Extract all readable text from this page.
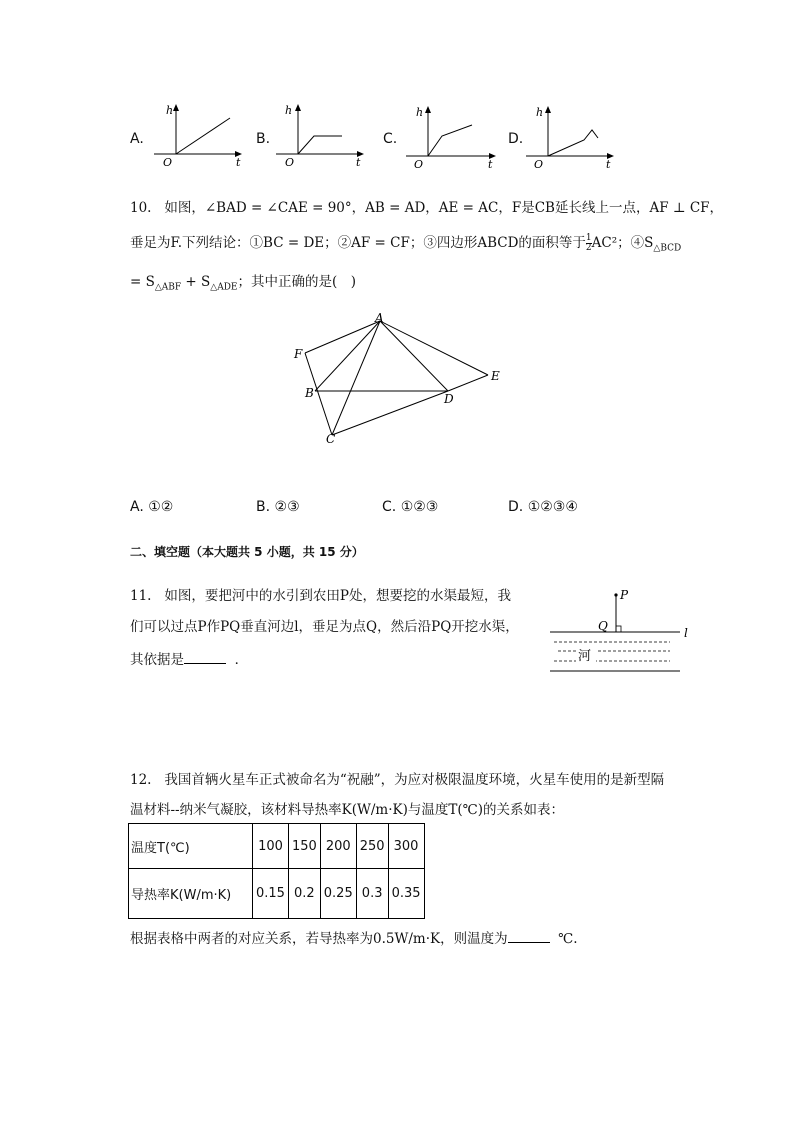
A.
h
t
O
B.
h
t
O
C.
h
t
O
D.
h
t
O
10. 如图，∠BAD = ∠CAE = 90°，AB = AD，AE = AC，F是CB延长线上一点，AF ⊥ CF，
垂足为F.下列结论：①BC = DE；②AF = CF；③四边形ABCD的面积等于 $\frac{1}{2} AC^2$；$④S_{\triangle BCD}$
= $S_{\triangle ABF} + S_{\triangle ADE}$；其中正确的是(　)
A
F
B
C
D
E
A. ①②	B. ②③	C. ①②③	D. ①②③④
二、填空题（本大题共 5 小题，共 15 分）
11. 如图，要把河中的水引到农田P处，想要挖的水渠最短，我
们可以过点P作PQ垂直河边l，垂足为点Q，然后沿PQ开挖水渠，
其依据是	．
P
Q	l
河
12. 我国首辆火星车正式被命名为“祝融”，为应对极限温度环境，火星车使用的是新型隔
温材料--纳米气凝胶，该材料导热率K(W/m·K)与温度T(℃)的关系如表：
温度T(℃)	100	150	200	250	300
导热率K(W/m·K)	0.15	0.2	0.25	0.3	0.35
根据表格中两者的对应关系，若导热率为0.5W/m·K，则温度为	℃.
